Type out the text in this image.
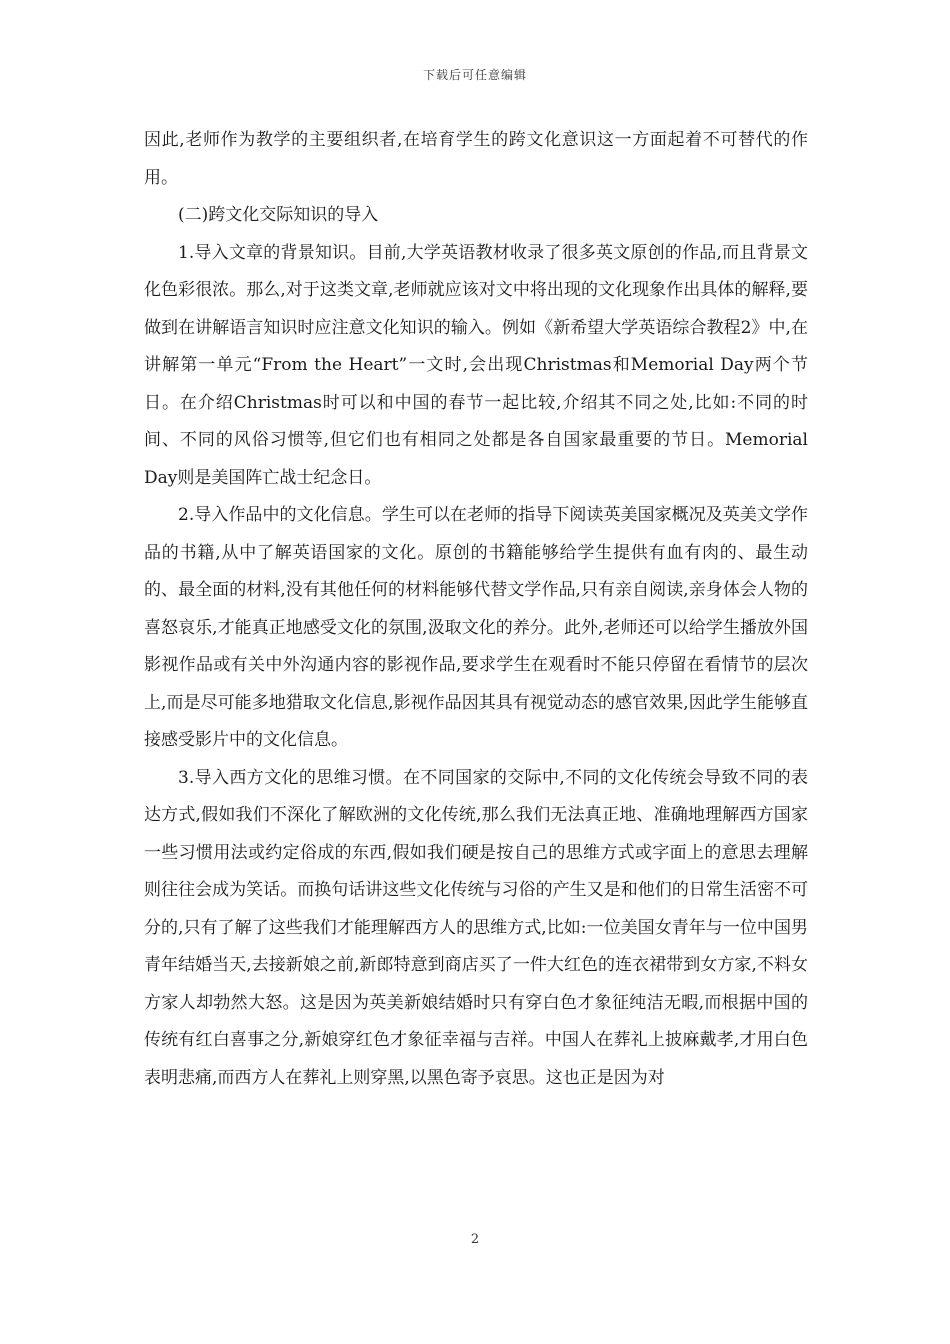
下载后可任意编辑

因此,老师作为教学的主要组织者,在培育学生的跨文化意识这一方面起着不可替代的作用。

(二)跨文化交际知识的导入

1.导入文章的背景知识。目前,大学英语教材收录了很多英文原创的作品,而且背景文化色彩很浓。那么,对于这类文章,老师就应该对文中将出现的文化现象作出具体的解释,要做到在讲解语言知识时应注意文化知识的输入。例如《新希望大学英语综合教程2》中,在讲解第一单元“From the Heart”一文时,会出现Christmas和Memorial Day两个节日。在介绍Christmas时可以和中国的春节一起比较,介绍其不同之处,比如:不同的时间、不同的风俗习惯等,但它们也有相同之处都是各自国家最重要的节日。Memorial Day则是美国阵亡战士纪念日。

2.导入作品中的文化信息。学生可以在老师的指导下阅读英美国家概况及英美文学作品的书籍,从中了解英语国家的文化。原创的书籍能够给学生提供有血有肉的、最生动的、最全面的材料,没有其他任何的材料能够代替文学作品,只有亲自阅读,亲身体会人物的喜怒哀乐,才能真正地感受文化的氛围,汲取文化的养分。此外,老师还可以给学生播放外国影视作品或有关中外沟通内容的影视作品,要求学生在观看时不能只停留在看情节的层次上,而是尽可能多地猎取文化信息,影视作品因其具有视觉动态的感官效果,因此学生能够直接感受影片中的文化信息。

3.导入西方文化的思维习惯。在不同国家的交际中,不同的文化传统会导致不同的表达方式,假如我们不深化了解欧洲的文化传统,那么我们无法真正地、准确地理解西方国家一些习惯用法或约定俗成的东西,假如我们硬是按自己的思维方式或字面上的意思去理解则往往会成为笑话。而换句话讲这些文化传统与习俗的产生又是和他们的日常生活密不可分的,只有了解了这些我们才能理解西方人的思维方式,比如:一位美国女青年与一位中国男青年结婚当天,去接新娘之前,新郎特意到商店买了一件大红色的连衣裙带到女方家,不料女方家人却勃然大怒。这是因为英美新娘结婚时只有穿白色才象征纯洁无暇,而根据中国的传统有红白喜事之分,新娘穿红色才象征幸福与吉祥。中国人在葬礼上披麻戴孝,才用白色表明悲痛,而西方人在葬礼上则穿黑,以黑色寄予哀思。这也正是因为对

2
